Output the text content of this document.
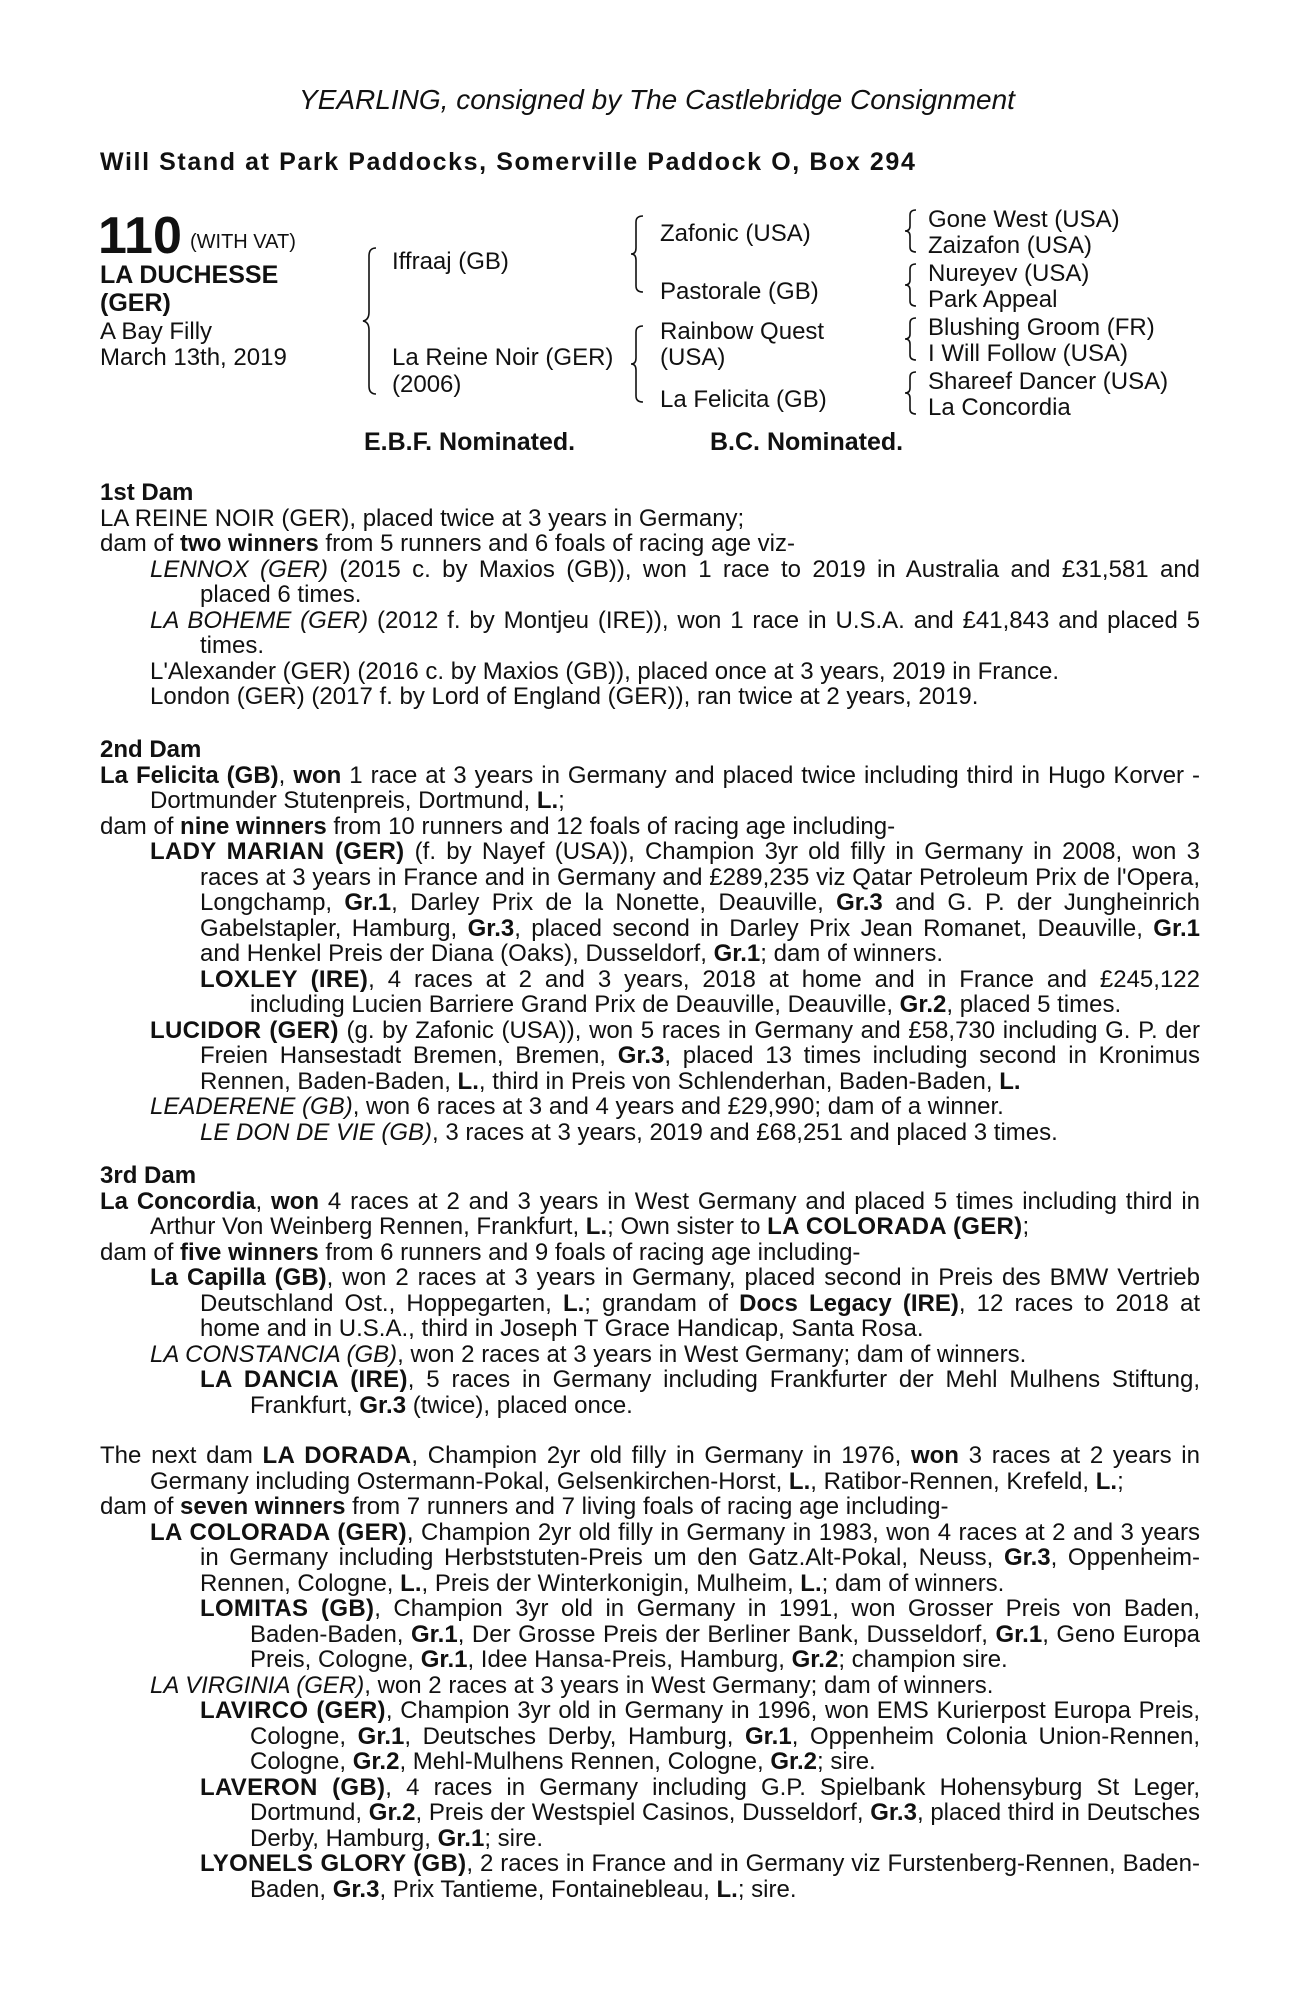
YEARLING, consigned by The Castlebridge Consignment
Will Stand at Park Paddocks, Somerville Paddock O, Box 294
110 (WITH VAT)
LA DUCHESSE
(GER)
A Bay Filly
March 13th, 2019
Iffraaj (GB)
La Reine Noir (GER)
(2006)
Zafonic (USA)
Pastorale (GB)
Rainbow Quest
(USA)
La Felicita (GB)
Gone West (USA)
Zaizafon (USA)
Nureyev (USA)
Park Appeal
Blushing Groom (FR)
I Will Follow (USA)
Shareef Dancer (USA)
La Concordia
E.B.F. Nominated.	B.C. Nominated.

1st Dam

LA REINE NOIR (GER), placed twice at 3 years in Germany;

dam of two winners from 5 runners and 6 foals of racing age viz-

LENNOX (GER) (2015 c. by Maxios (GB)), won 1 race to 2019 in Australia and £31,581 and placed 6 times.

LA BOHEME (GER) (2012 f. by Montjeu (IRE)), won 1 race in U.S.A. and £41,843 and placed 5 times.

L'Alexander (GER) (2016 c. by Maxios (GB)), placed once at 3 years, 2019 in France.

London (GER) (2017 f. by Lord of England (GER)), ran twice at 2 years, 2019.

2nd Dam

La Felicita (GB), won 1 race at 3 years in Germany and placed twice including third in Hugo Korver - Dortmunder Stutenpreis, Dortmund, L.;

dam of nine winners from 10 runners and 12 foals of racing age including-

LADY MARIAN (GER) (f. by Nayef (USA)), Champion 3yr old filly in Germany in 2008, won 3 races at 3 years in France and in Germany and £289,235 viz Qatar Petroleum Prix de l'Opera, Longchamp, Gr.1, Darley Prix de la Nonette, Deauville, Gr.3 and G. P. der Jungheinrich Gabelstapler, Hamburg, Gr.3, placed second in Darley Prix Jean Romanet, Deauville, Gr.1 and Henkel Preis der Diana (Oaks), Dusseldorf, Gr.1; dam of winners.

LOXLEY (IRE), 4 races at 2 and 3 years, 2018 at home and in France and £245,122 including Lucien Barriere Grand Prix de Deauville, Deauville, Gr.2, placed 5 times.

LUCIDOR (GER) (g. by Zafonic (USA)), won 5 races in Germany and £58,730 including G. P. der Freien Hansestadt Bremen, Bremen, Gr.3, placed 13 times including second in Kronimus Rennen, Baden-Baden, L., third in Preis von Schlenderhan, Baden-Baden, L.

LEADERENE (GB), won 6 races at 3 and 4 years and £29,990; dam of a winner.

LE DON DE VIE (GB), 3 races at 3 years, 2019 and £68,251 and placed 3 times.

3rd Dam

La Concordia, won 4 races at 2 and 3 years in West Germany and placed 5 times including third in Arthur Von Weinberg Rennen, Frankfurt, L.; Own sister to LA COLORADA (GER);

dam of five winners from 6 runners and 9 foals of racing age including-

La Capilla (GB), won 2 races at 3 years in Germany, placed second in Preis des BMW Vertrieb Deutschland Ost., Hoppegarten, L.; grandam of Docs Legacy (IRE), 12 races to 2018 at home and in U.S.A., third in Joseph T Grace Handicap, Santa Rosa.

LA CONSTANCIA (GB), won 2 races at 3 years in West Germany; dam of winners.

LA DANCIA (IRE), 5 races in Germany including Frankfurter der Mehl Mulhens Stiftung, Frankfurt, Gr.3 (twice), placed once.

The next dam LA DORADA, Champion 2yr old filly in Germany in 1976, won 3 races at 2 years in Germany including Ostermann-Pokal, Gelsenkirchen-Horst, L., Ratibor-Rennen, Krefeld, L.;

dam of seven winners from 7 runners and 7 living foals of racing age including-

LA COLORADA (GER), Champion 2yr old filly in Germany in 1983, won 4 races at 2 and 3 years in Germany including Herbststuten-Preis um den Gatz.Alt-Pokal, Neuss, Gr.3, Oppenheim-Rennen, Cologne, L., Preis der Winterkonigin, Mulheim, L.; dam of winners.

LOMITAS (GB), Champion 3yr old in Germany in 1991, won Grosser Preis von Baden, Baden-Baden, Gr.1, Der Grosse Preis der Berliner Bank, Dusseldorf, Gr.1, Geno Europa Preis, Cologne, Gr.1, Idee Hansa-Preis, Hamburg, Gr.2; champion sire.

LA VIRGINIA (GER), won 2 races at 3 years in West Germany; dam of winners.

LAVIRCO (GER), Champion 3yr old in Germany in 1996, won EMS Kurierpost Europa Preis, Cologne, Gr.1, Deutsches Derby, Hamburg, Gr.1, Oppenheim Colonia Union-Rennen, Cologne, Gr.2, Mehl-Mulhens Rennen, Cologne, Gr.2; sire.

LAVERON (GB), 4 races in Germany including G.P. Spielbank Hohensyburg St Leger, Dortmund, Gr.2, Preis der Westspiel Casinos, Dusseldorf, Gr.3, placed third in Deutsches Derby, Hamburg, Gr.1; sire.

LYONELS GLORY (GB), 2 races in France and in Germany viz Furstenberg-Rennen, Baden-Baden, Gr.3, Prix Tantieme, Fontainebleau, L.; sire.
